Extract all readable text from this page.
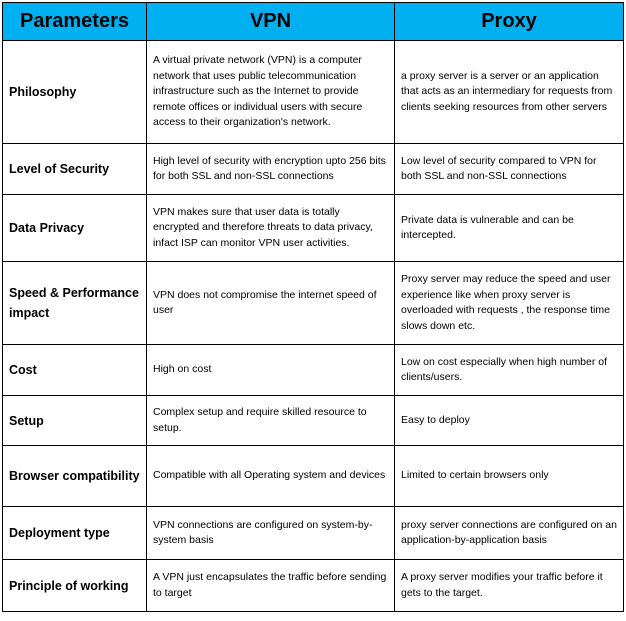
Parameters	VPN	Proxy
Philosophy	A virtual private network (VPN) is a computer network that uses public telecommunication infrastructure such as the Internet to provide remote offices or individual users with secure access to their organization's network.	a proxy server is a server or an application that acts as an intermediary for requests from clients seeking resources from other servers
Level of Security	High level of security with encryption upto 256 bits for both SSL and non-SSL connections	Low level of security compared to VPN for both SSL and non-SSL connections
Data Privacy	VPN makes sure that user data is totally encrypted and therefore threats to data privacy, infact ISP can monitor VPN user activities.	Private data is vulnerable and can be intercepted.
Speed & Performance impact	VPN does not compromise the internet speed of user	Proxy server may reduce the speed and user experience like when proxy server is overloaded with requests , the response time slows down etc.
Cost	High on cost	Low on cost especially when high number of clients/users.
Setup	Complex setup and require skilled resource to setup.	Easy to deploy
Browser compatibility	Compatible with all Operating system and devices	Limited to certain browsers only
Deployment type	VPN connections are configured on system-by-system basis	proxy server connections are configured on an application-by-application basis
Principle of working	A VPN just encapsulates the traffic before sending to target	A proxy server modifies your traffic before it gets to the target.
